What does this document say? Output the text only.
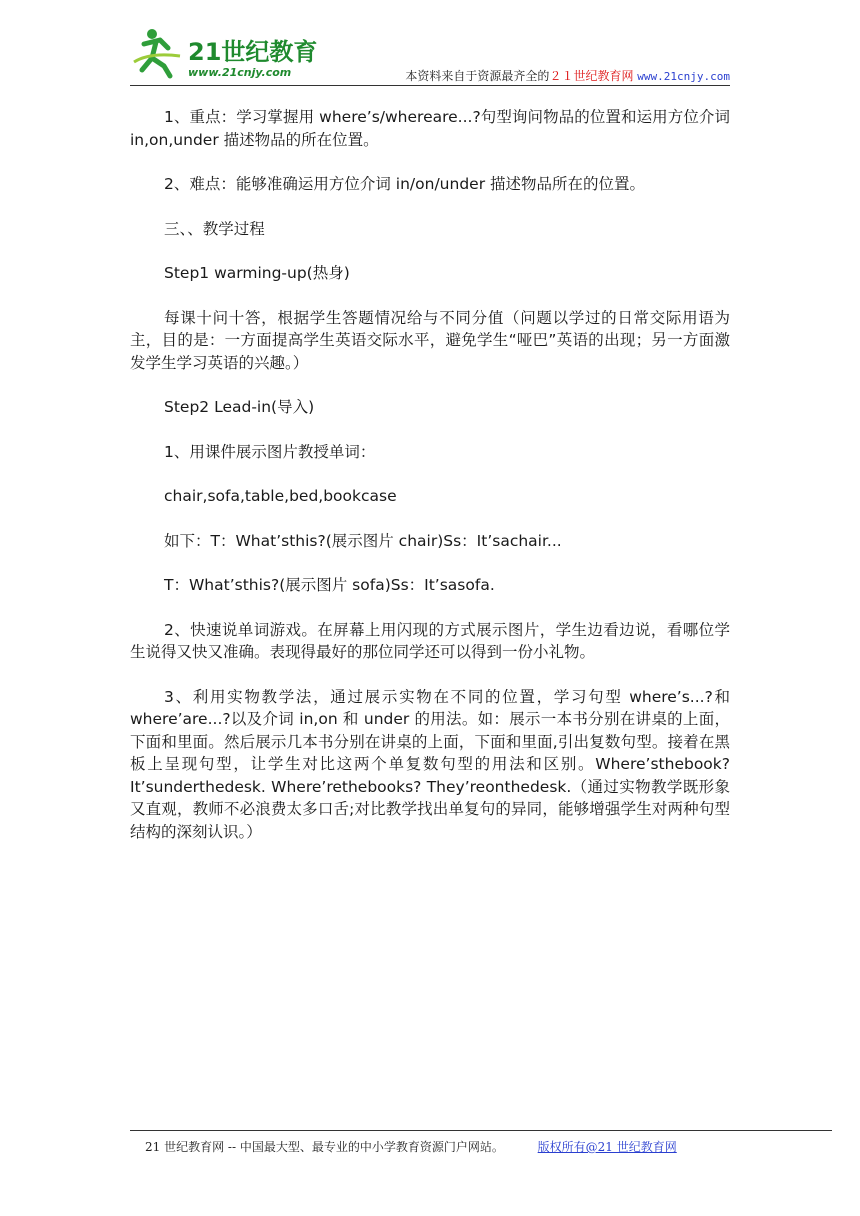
21世纪教育
www.21cnjy.com	本资料来自于资源最齐全的２１世纪教育网 www.21cnjy.com

1、重点：学习掌握用 where’s/whereare...?句型询问物品的位置和运用方位介词 in,on,under 描述物品的所在位置。

2、难点：能够准确运用方位介词 in/on/under 描述物品所在的位置。

三、、教学过程

Step1 warming-up(热身)

每课十问十答，根据学生答题情况给与不同分值（问题以学过的日常交际用语为主，目的是：一方面提高学生英语交际水平，避免学生“哑巴”英语的出现；另一方面激发学生学习英语的兴趣。）

Step2 Lead-in(导入)

1、用课件展示图片教授单词：

chair,sofa,table,bed,bookcase

如下：T：What’sthis?(展示图片 chair)Ss：It’sachair...

T：What’sthis?(展示图片 sofa)Ss：It’sasofa.

2、快速说单词游戏。在屏幕上用闪现的方式展示图片，学生边看边说，看哪位学生说得又快又准确。表现得最好的那位同学还可以得到一份小礼物。

3、利用实物教学法，通过展示实物在不同的位置，学习句型 where’s...?和 where’are...?以及介词 in,on 和 under 的用法。如：展示一本书分别在讲桌的上面，下面和里面。然后展示几本书分别在讲桌的上面，下面和里面,引出复数句型。接着在黑板上呈现句型，让学生对比这两个单复数句型的用法和区别。Where’sthebook?It’sunderthedesk. Where’rethebooks? They’reonthedesk.（通过实物教学既形象又直观，教师不必浪费太多口舌;对比教学找出单复句的异同，能够增强学生对两种句型结构的深刻认识。）

21 世纪教育网 -- 中国最大型、最专业的中小学教育资源门户网站。	版权所有@21 世纪教育网
